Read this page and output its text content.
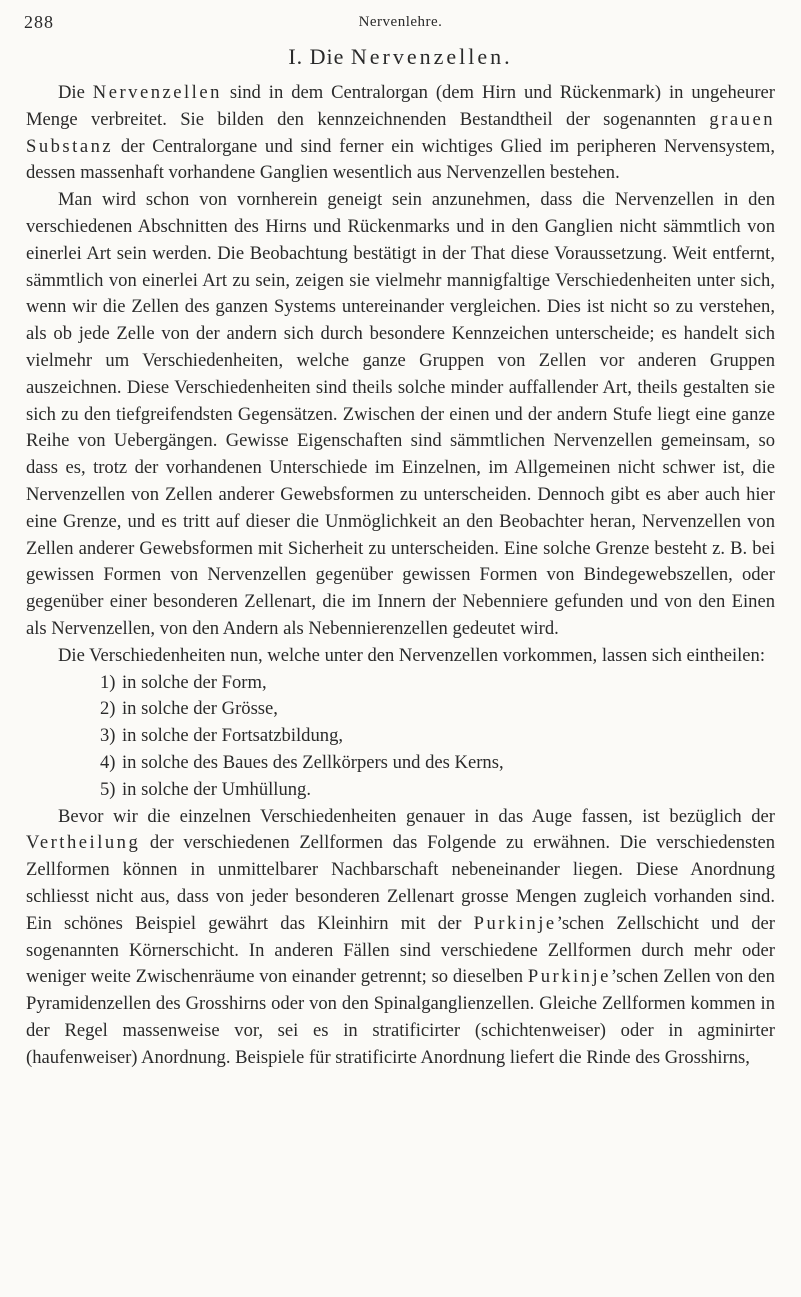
288	Nervenlehre.
I. Die Nervenzellen.

Die Nervenzellen sind in dem Centralorgan (dem Hirn und Rückenmark) in ungeheurer Menge verbreitet. Sie bilden den kennzeichnenden Bestandtheil der sogenannten grauen Substanz der Centralorgane und sind ferner ein wichtiges Glied im peripheren Nervensystem, dessen massenhaft vorhandene Ganglien wesentlich aus Nervenzellen bestehen.

Man wird schon von vornherein geneigt sein anzunehmen, dass die Nervenzellen in den verschiedenen Abschnitten des Hirns und Rückenmarks und in den Ganglien nicht sämmtlich von einerlei Art sein werden. Die Beobachtung bestätigt in der That diese Voraussetzung. Weit entfernt, sämmtlich von einerlei Art zu sein, zeigen sie vielmehr mannigfaltige Verschiedenheiten unter sich, wenn wir die Zellen des ganzen Systems untereinander vergleichen. Dies ist nicht so zu verstehen, als ob jede Zelle von der andern sich durch besondere Kennzeichen unterscheide; es handelt sich vielmehr um Verschiedenheiten, welche ganze Gruppen von Zellen vor anderen Gruppen auszeichnen. Diese Verschiedenheiten sind theils solche minder auffallender Art, theils gestalten sie sich zu den tiefgreifendsten Gegensätzen. Zwischen der einen und der andern Stufe liegt eine ganze Reihe von Uebergängen. Gewisse Eigenschaften sind sämmtlichen Nervenzellen gemeinsam, so dass es, trotz der vorhandenen Unterschiede im Einzelnen, im Allgemeinen nicht schwer ist, die Nervenzellen von Zellen anderer Gewebsformen zu unterscheiden. Dennoch gibt es aber auch hier eine Grenze, und es tritt auf dieser die Unmöglichkeit an den Beobachter heran, Nervenzellen von Zellen anderer Gewebsformen mit Sicherheit zu unterscheiden. Eine solche Grenze besteht z. B. bei gewissen Formen von Nervenzellen gegenüber gewissen Formen von Bindegewebszellen, oder gegenüber einer besonderen Zellenart, die im Innern der Nebenniere gefunden und von den Einen als Nervenzellen, von den Andern als Nebennierenzellen gedeutet wird.

Die Verschiedenheiten nun, welche unter den Nervenzellen vorkommen, lassen sich eintheilen:

1) in solche der Form,
2) in solche der Grösse,
3) in solche der Fortsatzbildung,
4) in solche des Baues des Zellkörpers und des Kerns,
5) in solche der Umhüllung.

Bevor wir die einzelnen Verschiedenheiten genauer in das Auge fassen, ist bezüglich der Vertheilung der verschiedenen Zellformen das Folgende zu erwähnen. Die verschiedensten Zellformen können in unmittelbarer Nachbarschaft nebeneinander liegen. Diese Anordnung schliesst nicht aus, dass von jeder besonderen Zellenart grosse Mengen zugleich vorhanden sind. Ein schönes Beispiel gewährt das Kleinhirn mit der Purkinje’schen Zellschicht und der sogenannten Körnerschicht. In anderen Fällen sind verschiedene Zellformen durch mehr oder weniger weite Zwischenräume von einander getrennt; so dieselben Purkinje’schen Zellen von den Pyramidenzellen des Grosshirns oder von den Spinalganglienzellen. Gleiche Zellformen kommen in der Regel massenweise vor, sei es in stratificirter (schichtenweiser) oder in agminirter (haufenweiser) Anordnung. Beispiele für stratificirte Anordnung liefert die Rinde des Grosshirns,
